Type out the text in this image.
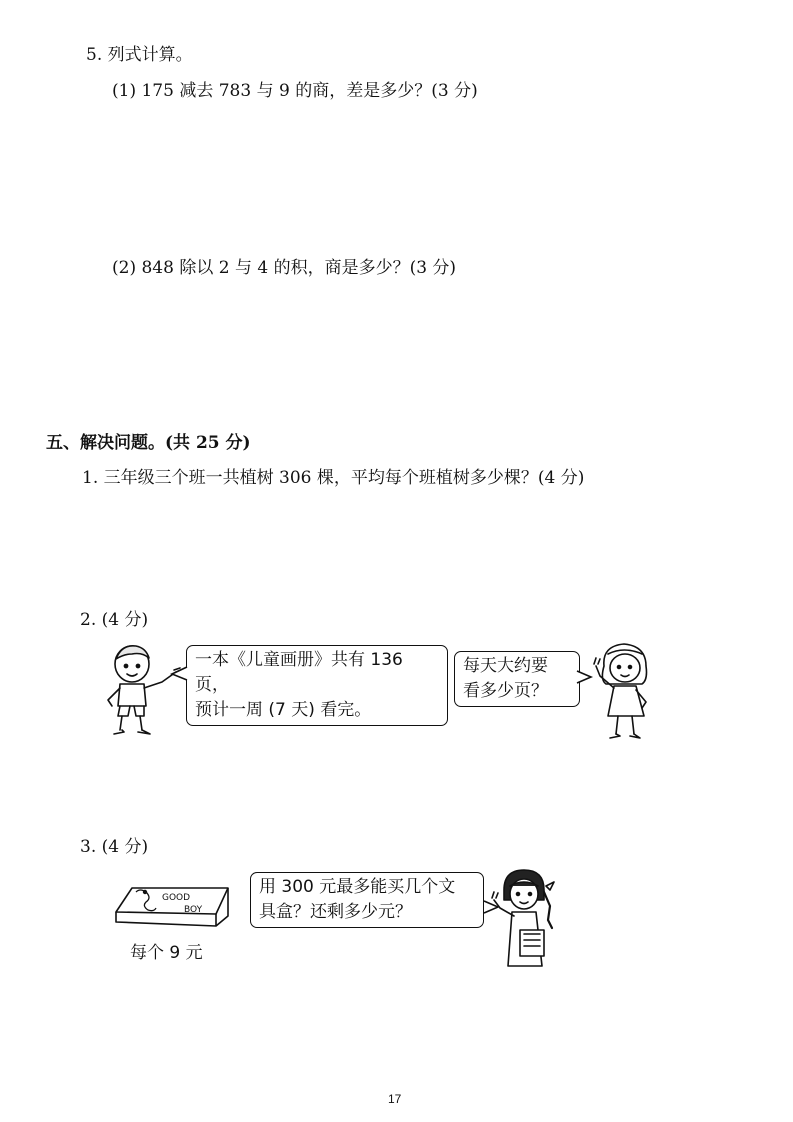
5. 列式计算。
(1) 175 减去 783 与 9 的商，差是多少？(3 分)
(2) 848 除以 2 与 4 的积，商是多少？(3 分)
五、解决问题。(共 25 分)
1. 三年级三个班一共植树 306 棵，平均每个班植树多少棵？(4 分)
2. (4 分)
一本《儿童画册》共有 136 页，
预计一周 (7 天) 看完。
每天大约要
看多少页？
3. (4 分)
GOOD
BOY
每个 9 元
用 300 元最多能买几个文
具盒？还剩多少元？
17
